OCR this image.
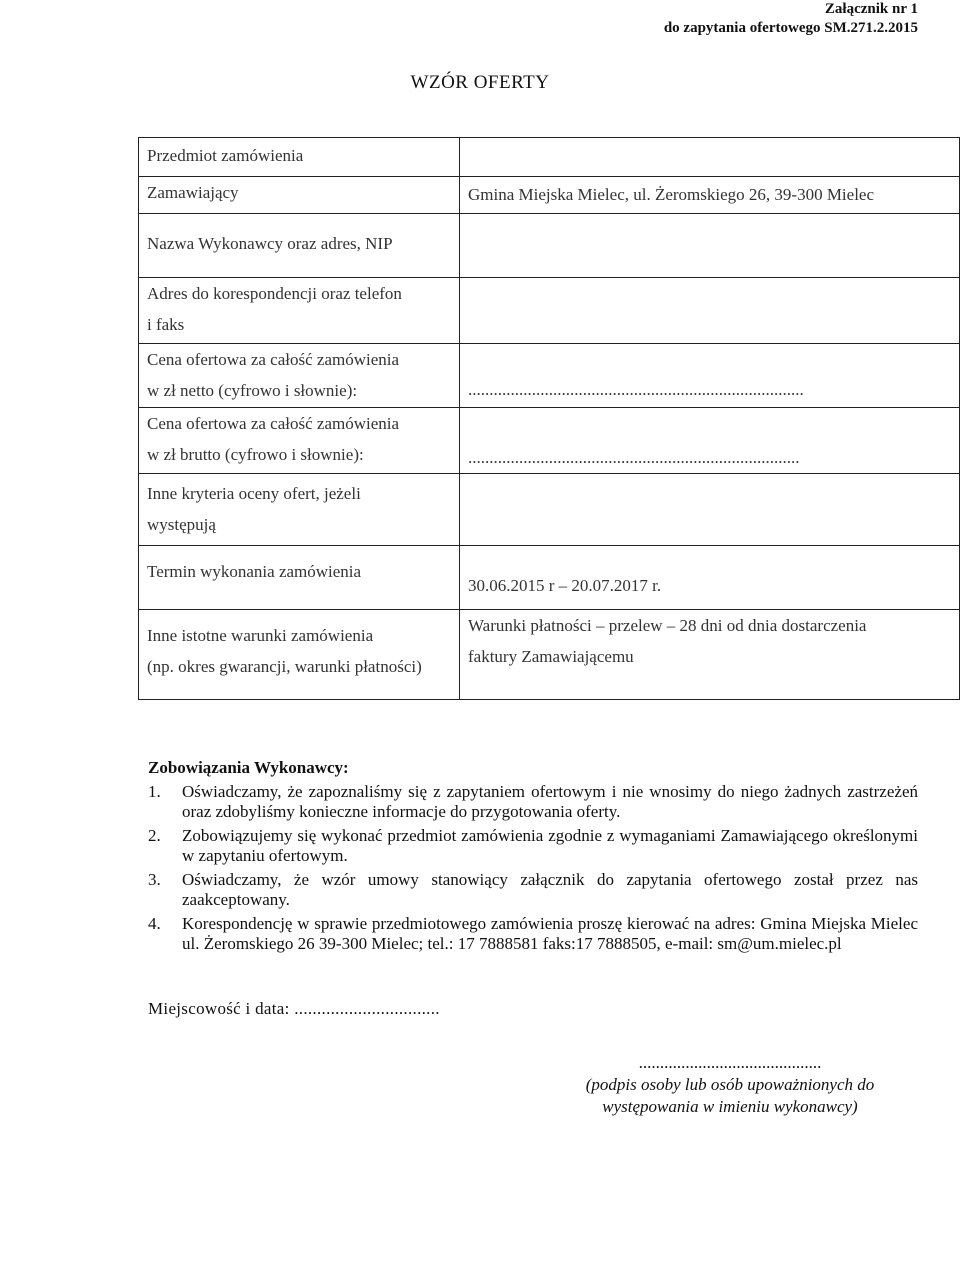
Załącznik nr 1
do zapytania ofertowego SM.271.2.2015
WZÓR OFERTY
Przedmiot zamówienia	

Zamawiający	Gmina Miejska Mielec, ul. Żeromskiego 26, 39-300 Mielec

Nazwa Wykonawcy oraz adres, NIP	

Adres do korespondencji oraz telefon
i faks	

Cena ofertowa za całość zamówienia
w zł netto (cyfrowo i słownie):	...............................................................................

Cena ofertowa za całość zamówienia
w zł brutto (cyfrowo i słownie):	..............................................................................

Inne kryteria oceny ofert, jeżeli
występują	

Termin wykonania zamówienia	30.06.2015 r – 20.07.2017 r.

Inne istotne warunki zamówienia
(np. okres gwarancji, warunki płatności)	Warunki płatności – przelew – 28 dni od dnia dostarczenia
faktury Zamawiającemu
Zobowiązania Wykonawcy:
1. Oświadczamy, że zapoznaliśmy się z zapytaniem ofertowym i nie wnosimy do niego żadnych zastrzeżeń oraz zdobyliśmy konieczne informacje do przygotowania oferty.
2. Zobowiązujemy się wykonać przedmiot zamówienia zgodnie z wymaganiami Zamawiającego określonymi w zapytaniu ofertowym.
3. Oświadczamy, że wzór umowy stanowiący załącznik do zapytania ofertowego został przez nas zaakceptowany.
4. Korespondencję w sprawie przedmiotowego zamówienia proszę kierować na adres: Gmina Miejska Mielec ul. Żeromskiego 26 39-300 Mielec; tel.: 17 7888581 faks:17 7888505, e-mail: sm@um.mielec.pl
Miejscowość i data: ................................
...........................................
(podpis osoby lub osób upoważnionych do
występowania w imieniu wykonawcy)
